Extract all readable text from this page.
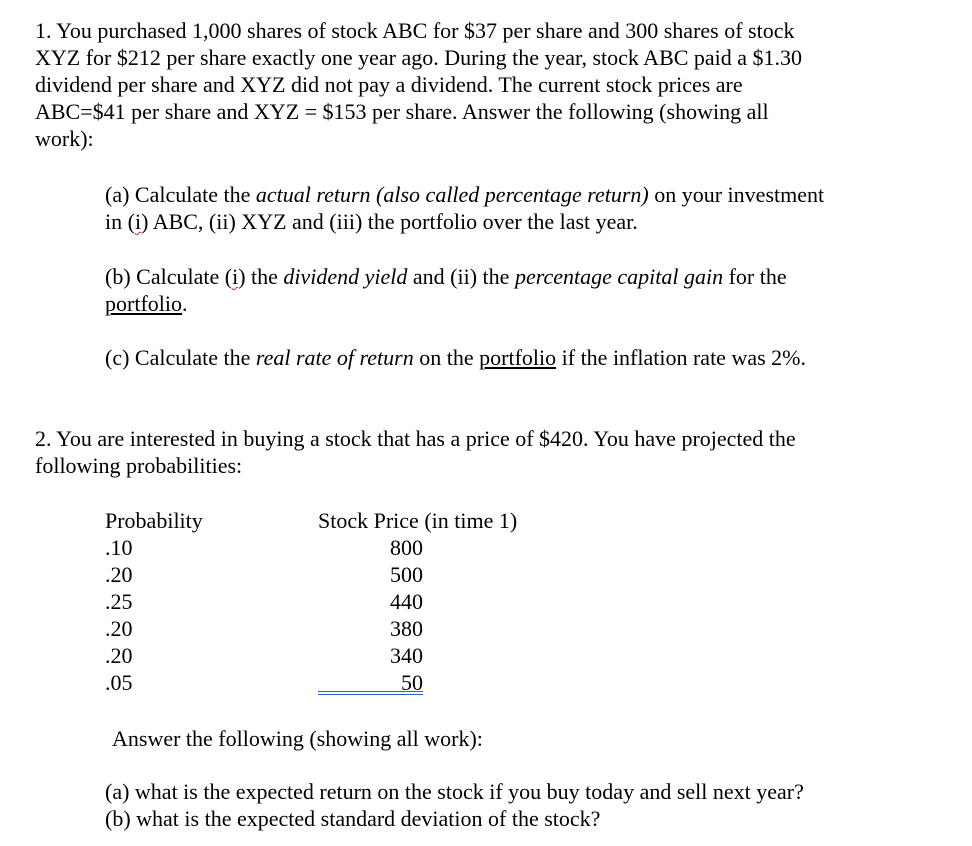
1. You purchased 1,000 shares of stock ABC for $37 per share and 300 shares of stock
XYZ for $212 per share exactly one year ago. During the year, stock ABC paid a $1.30
dividend per share and XYZ did not pay a dividend. The current stock prices are
ABC=$41 per share and XYZ = $153 per share. Answer the following (showing all
work):
(a) Calculate the actual return (also called percentage return) on your investment
in (i) ABC, (ii) XYZ and (iii) the portfolio over the last year.
(b) Calculate (i) the dividend yield and (ii) the percentage capital gain for the
portfolio.
(c) Calculate the real rate of return on the portfolio if the inflation rate was 2%.
2. You are interested in buying a stock that has a price of $420. You have projected the
following probabilities:
Probability
.10
.20
.25
.20
.20
.05
Stock Price (in time 1)
800
500
440
380
340
50
Answer the following (showing all work):
(a) what is the expected return on the stock if you buy today and sell next year?
(b) what is the expected standard deviation of the stock?
